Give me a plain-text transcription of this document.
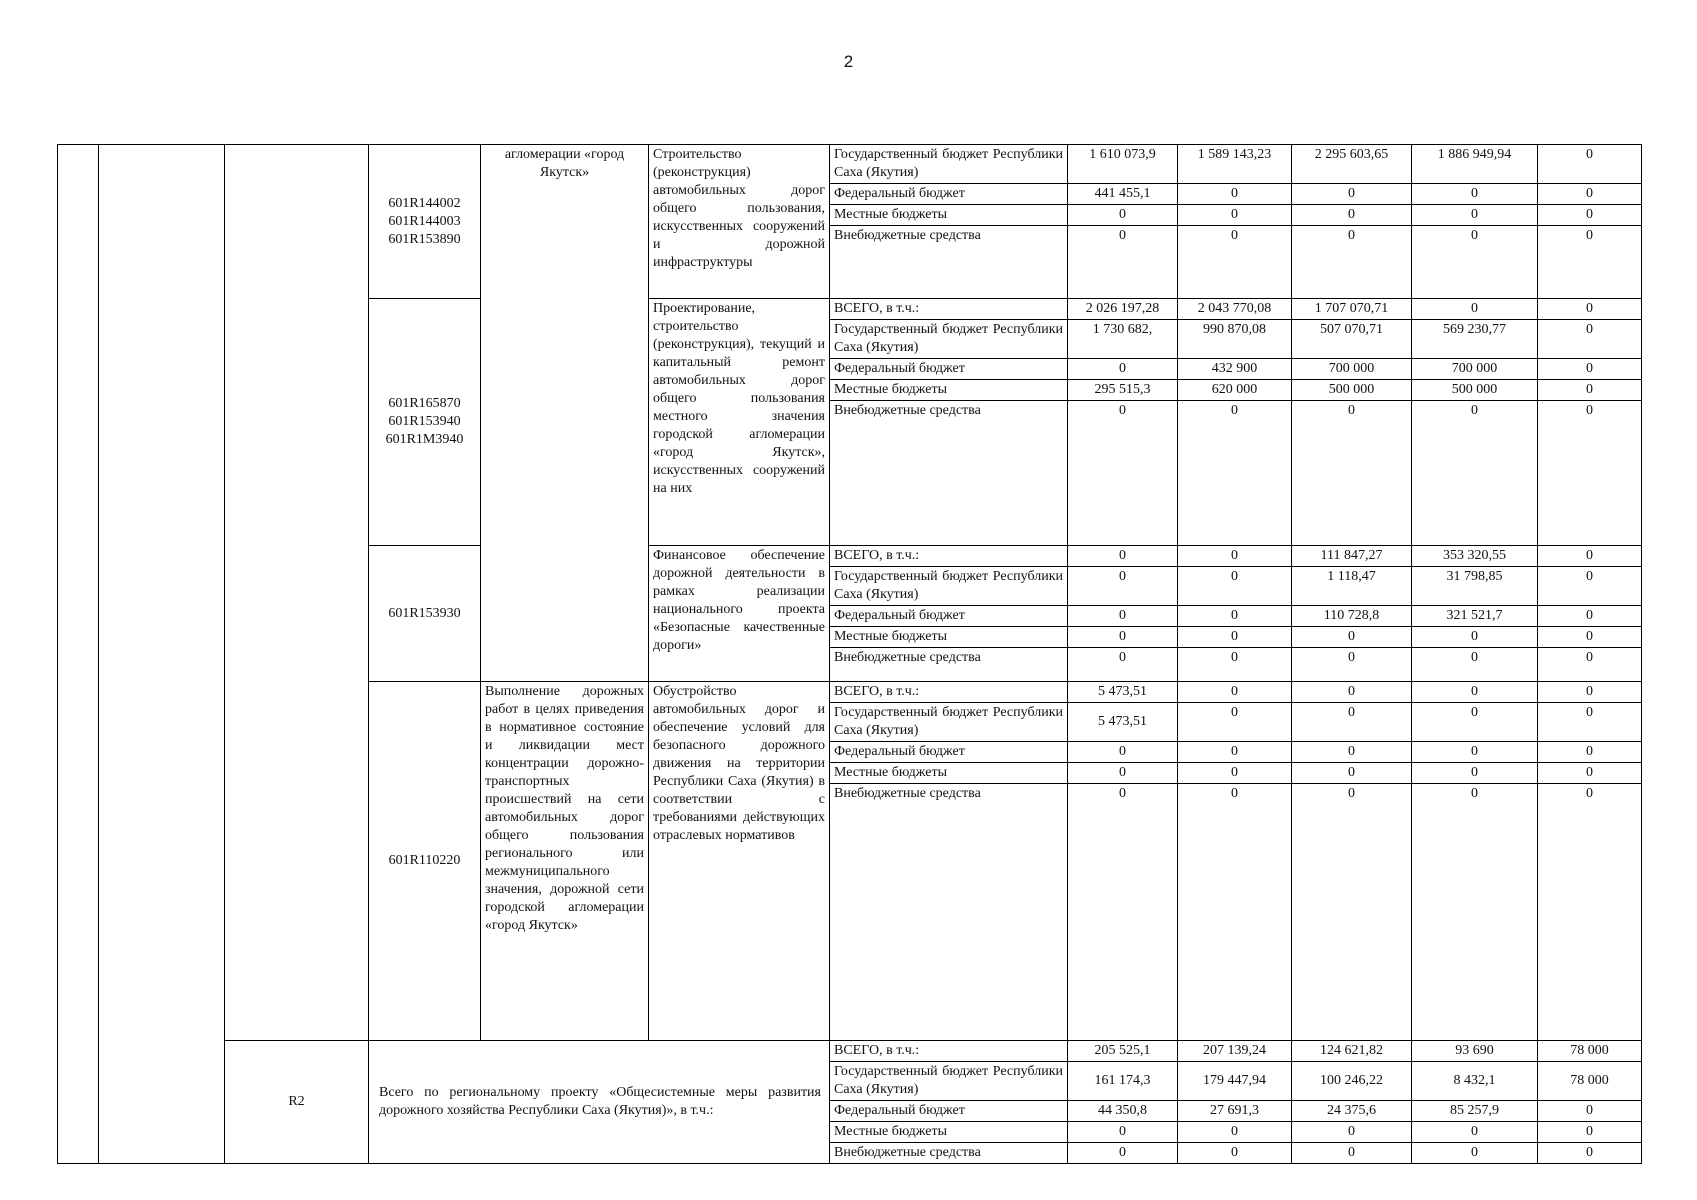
2
			601R144002 601R144003 601R153890	агломерации «город Якутск»	Строительство (реконструкция) автомобильных дорог общего пользования, искусственных сооружений и дорожной инфраструктуры	Государственный бюджет Республики Саха (Якутия)	1 610 073,9	1 589 143,23	2 295 603,65	1 886 949,94	0
						Федеральный бюджет	441 455,1	0	0	0	0
						Местные бюджеты	0	0	0	0	0
						Внебюджетные средства	0	0	0	0	0
			601R165870 601R153940 601R1M3940		Проектирование, строительство (реконструкция), текущий и капитальный ремонт автомобильных дорог общего пользования местного значения городской агломерации «город Якутск», искусственных сооружений на них	ВСЕГО, в т.ч.:	2 026 197,28	2 043 770,08	1 707 070,71	0	0
						Государственный бюджет Республики Саха (Якутия)	1 730 682,	990 870,08	507 070,71	569 230,77	0
						Федеральный бюджет	0	432 900	700 000	700 000	0
						Местные бюджеты	295 515,3	620 000	500 000	500 000	0
						Внебюджетные средства	0	0	0	0	0
			601R153930		Финансовое обеспечение дорожной деятельности в рамках реализации национального проекта «Безопасные качественные дороги»	ВСЕГО, в т.ч.:	0	0	111 847,27	353 320,55	0
						Государственный бюджет Республики Саха (Якутия)	0	0	1 118,47	31 798,85	0
						Федеральный бюджет	0	0	110 728,8	321 521,7	0
						Местные бюджеты	0	0	0	0	0
						Внебюджетные средства	0	0	0	0	0
			601R110220	Выполнение дорожных работ в целях приведения в нормативное состояние и ликвидации мест концентрации дорожно-транспортных происшествий на сети автомобильных дорог общего пользования регионального или межмуниципального значения, дорожной сети городской агломерации «город Якутск»	Обустройство автомобильных дорог и обеспечение условий для безопасного дорожного движения на территории Республики Саха (Якутия) в соответствии с требованиями действующих отраслевых нормативов	ВСЕГО, в т.ч.:	5 473,51	0	0	0	0
						Государственный бюджет Республики Саха (Якутия)	5 473,51	0	0	0	0
						Федеральный бюджет	0	0	0	0	0
						Местные бюджеты	0	0	0	0	0
						Внебюджетные средства	0	0	0	0	0
		R2	Всего по региональному проекту «Общесистемные меры развития дорожного хозяйства Республики Саха (Якутия)», в т.ч.:			ВСЕГО, в т.ч.:	205 525,1	207 139,24	124 621,82	93 690	78 000
						Государственный бюджет Республики Саха (Якутия)	161 174,3	179 447,94	100 246,22	8 432,1	78 000
						Федеральный бюджет	44 350,8	27 691,3	24 375,6	85 257,9	0
						Местные бюджеты	0	0	0	0	0
						Внебюджетные средства	0	0	0	0	0
